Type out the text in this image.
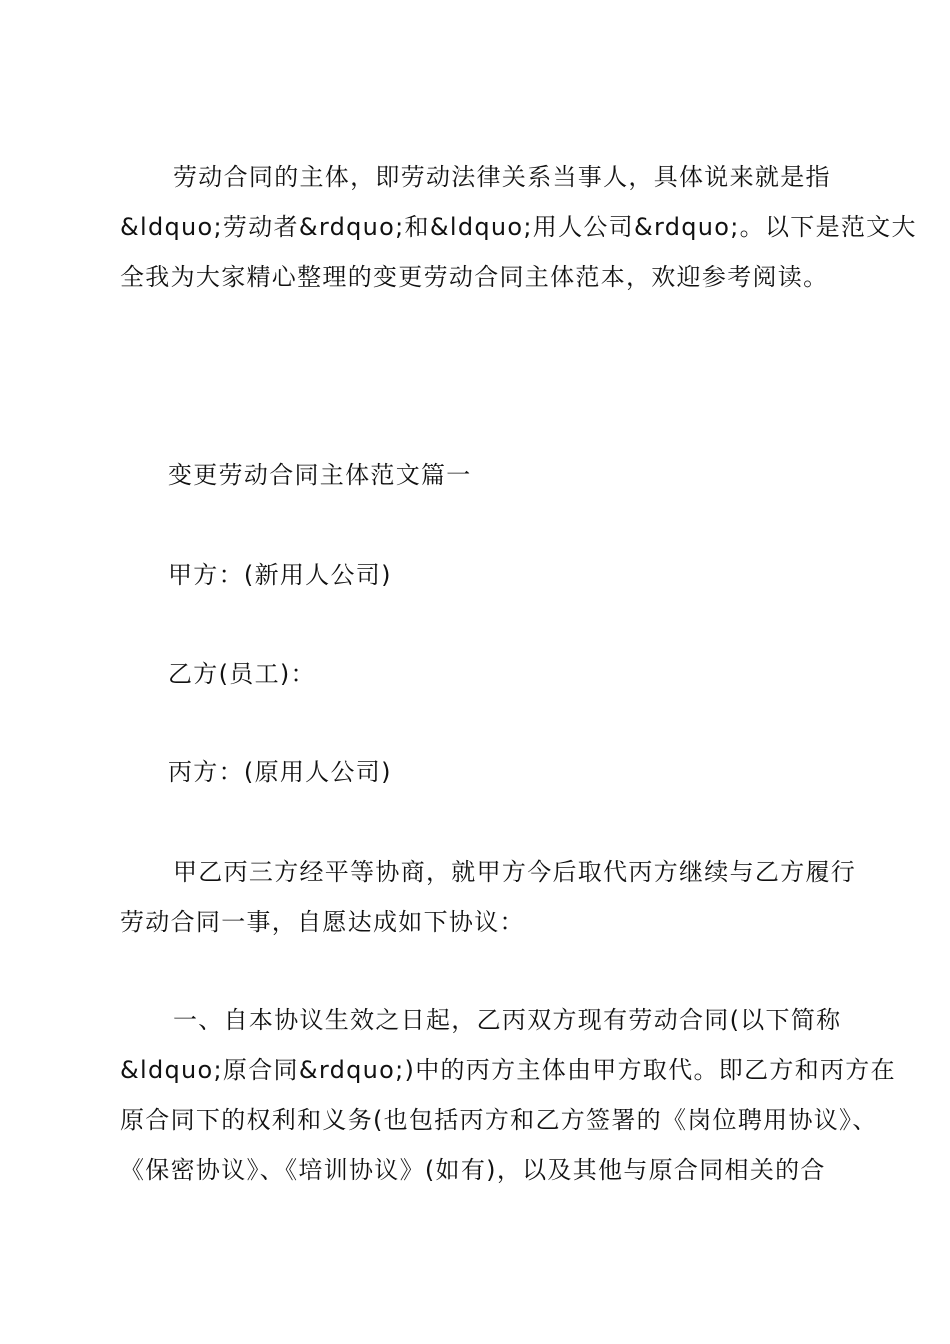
劳动合同的主体，即劳动法律关系当事人，具体说来就是指
&ldquo;劳动者&rdquo;和&ldquo;用人公司&rdquo;。以下是范文大
全我为大家精心整理的变更劳动合同主体范本，欢迎参考阅读。
变更劳动合同主体范文篇一
甲方：(新用人公司)
乙方(员工)：
丙方：(原用人公司)
甲乙丙三方经平等协商，就甲方今后取代丙方继续与乙方履行
劳动合同一事，自愿达成如下协议：
一、自本协议生效之日起，乙丙双方现有劳动合同(以下简称
&ldquo;原合同&rdquo;)中的丙方主体由甲方取代。即乙方和丙方在
原合同下的权利和义务(也包括丙方和乙方签署的《岗位聘用协议》、
《保密协议》、《培训协议》(如有)，以及其他与原合同相关的合
